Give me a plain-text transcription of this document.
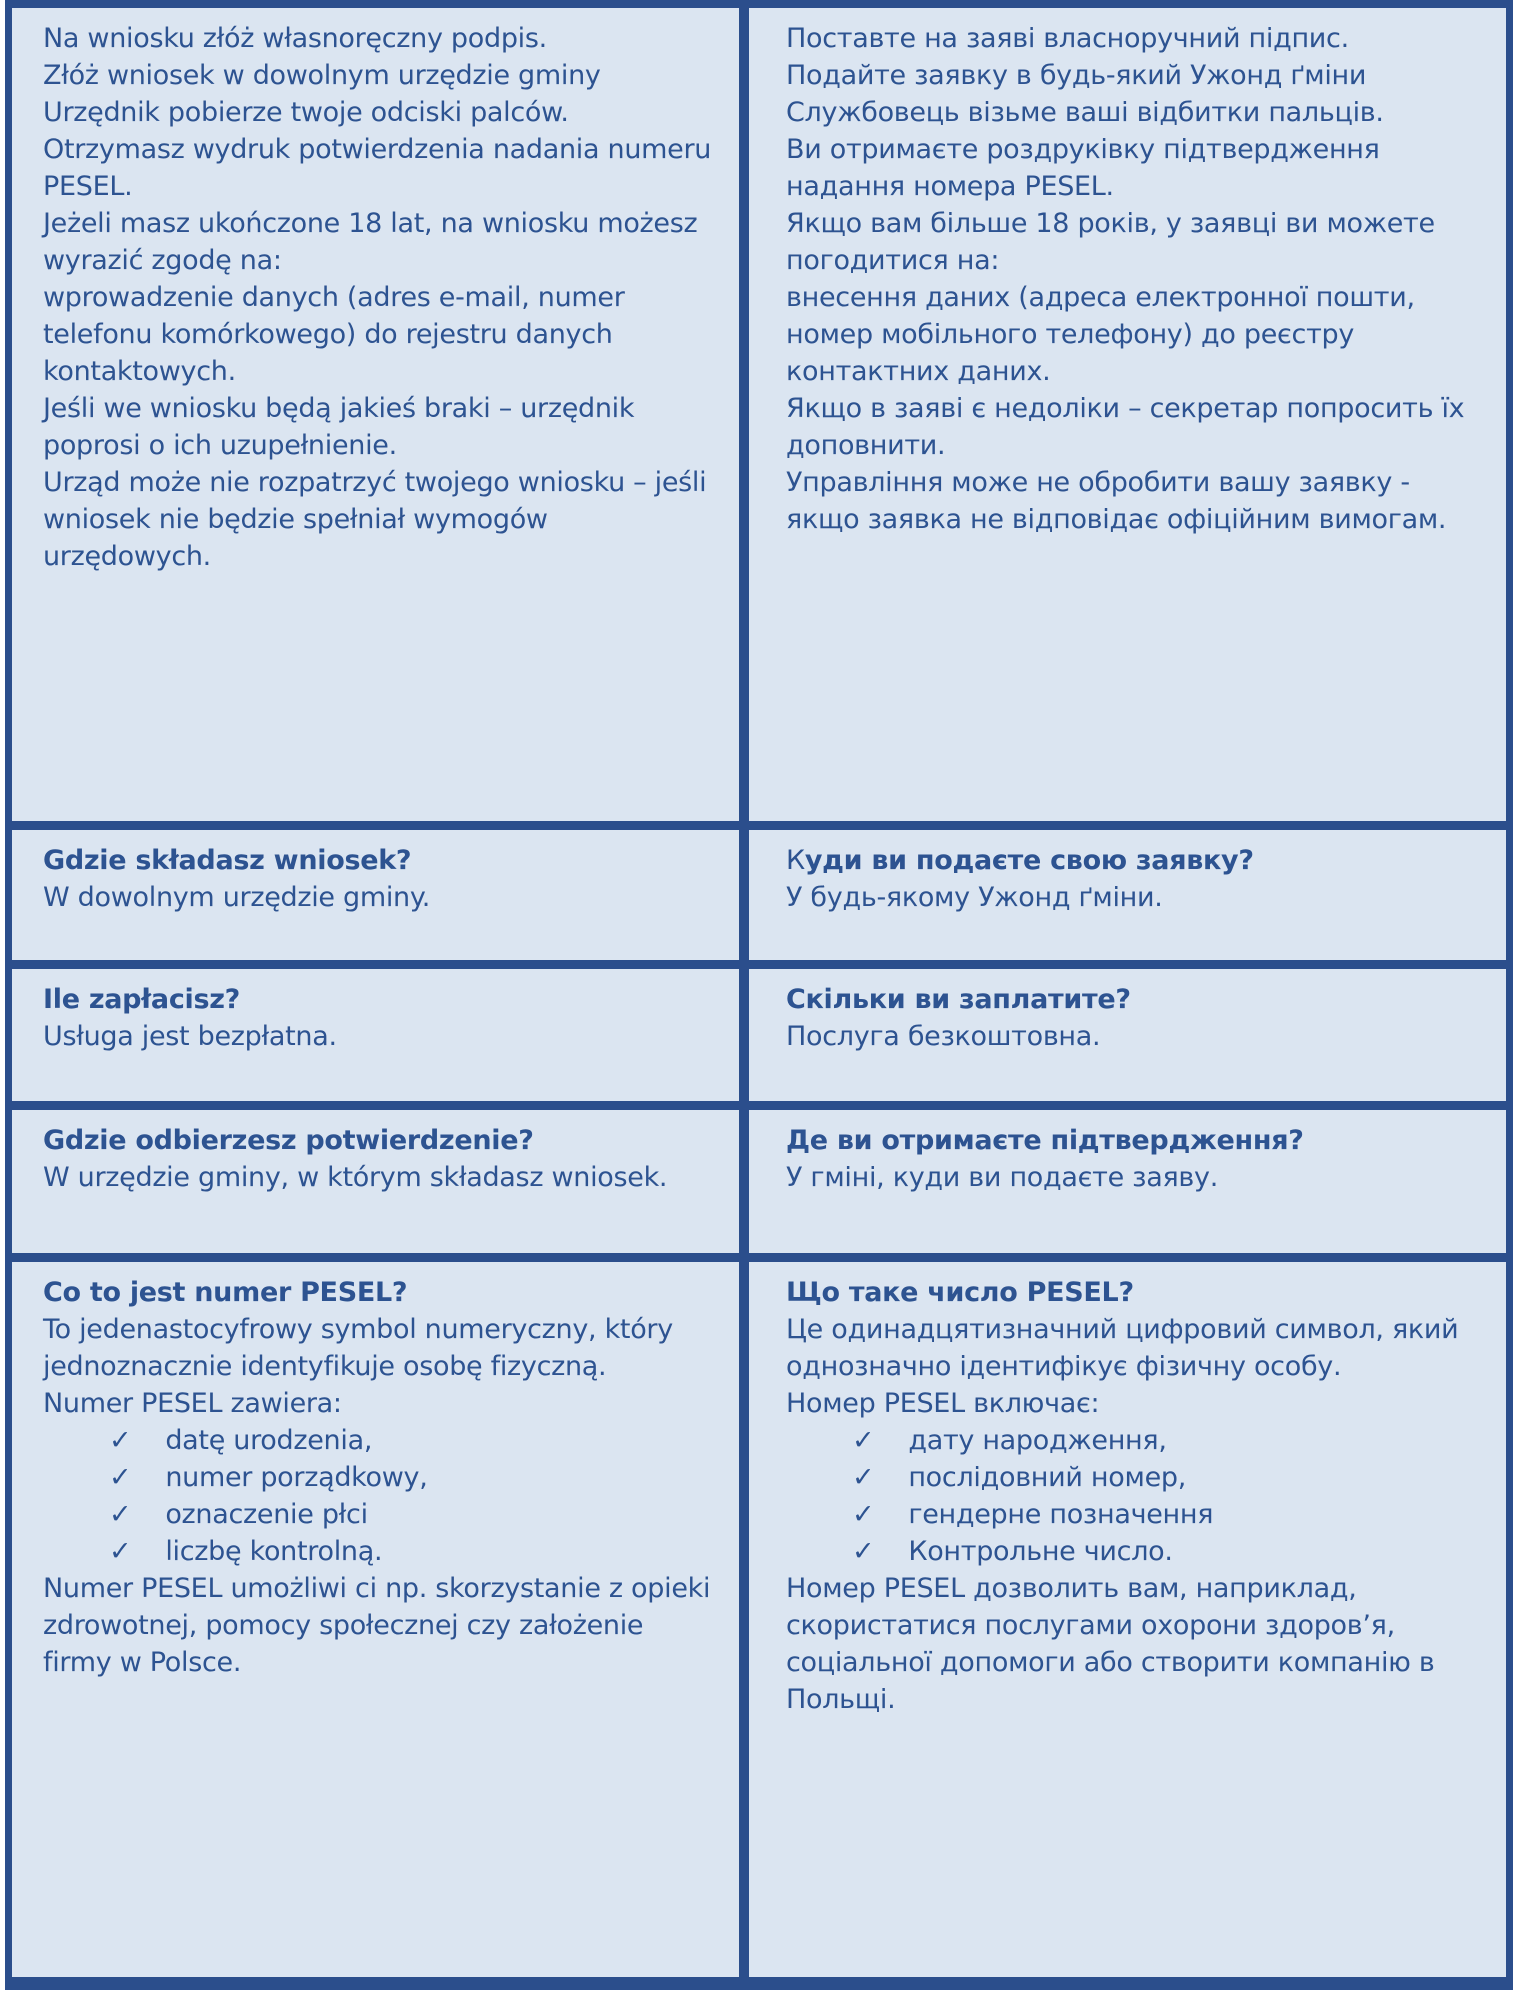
Na wniosku złóż własnoręczny podpis.

Złóż wniosek w dowolnym urzędzie gminy

Urzędnik pobierze twoje odciski palców.

Otrzymasz wydruk potwierdzenia nadania numeru PESEL.

Jeżeli masz ukończone 18 lat, na wniosku możesz wyrazić zgodę na:

wprowadzenie danych (adres e-mail, numer telefonu komórkowego) do rejestru danych kontaktowych.

Jeśli we wniosku będą jakieś braki – urzędnik poprosi o ich uzupełnienie.

Urząd może nie rozpatrzyć twojego wniosku – jeśli wniosek nie będzie spełniał wymogów urzędowych.

Поставте на заяві власноручний підпис.

Подайте заявку в будь-який Ужонд ґміни

Службовець візьме ваші відбитки пальців.

Ви отримаєте роздруківку підтвердження надання номера PESEL.

Якщо вам більше 18 років, у заявці ви можете погодитися на:

внесення даних (адреса електронної пошти, номер мобільного телефону) до реєстру контактних даних.

Якщо в заяві є недоліки – секретар попросить їх доповнити.

Управління може не обробити вашу заявку - якщо заявка не відповідає офіційним вимогам.

Gdzie składasz wniosek?

W dowolnym urzędzie gminy.

Куди ви подаєте свою заявку?

У будь-якому Ужонд ґміни.

Ile zapłacisz?

Usługa jest bezpłatna.

Скільки ви заплатите?

Послуга безкоштовна.

Gdzie odbierzesz potwierdzenie?

W urzędzie gminy, w którym składasz wniosek.

Де ви отримаєте підтвердження?

У гміні, куди ви подаєте заяву.

Co to jest numer PESEL?

To jedenastocyfrowy symbol numeryczny, który jednoznacznie identyfikuje osobę fizyczną.

Numer PESEL zawiera:

✓ datę urodzenia,
✓ numer porządkowy,
✓ oznaczenie płci
✓ liczbę kontrolną.

Numer PESEL umożliwi ci np. skorzystanie z opieki zdrowotnej, pomocy społecznej czy założenie firmy w Polsce.

Що таке число PESEL?

Це одинадцятизначний цифровий символ, який однозначно ідентифікує фізичну особу.

Номер PESEL включає:

✓ дату народження,
✓ послідовний номер,
✓ гендерне позначення
✓ Контрольне число.

Номер PESEL дозволить вам, наприклад, скористатися послугами охорони здоров’я, соціальної допомоги або створити компанію в Польщі.
